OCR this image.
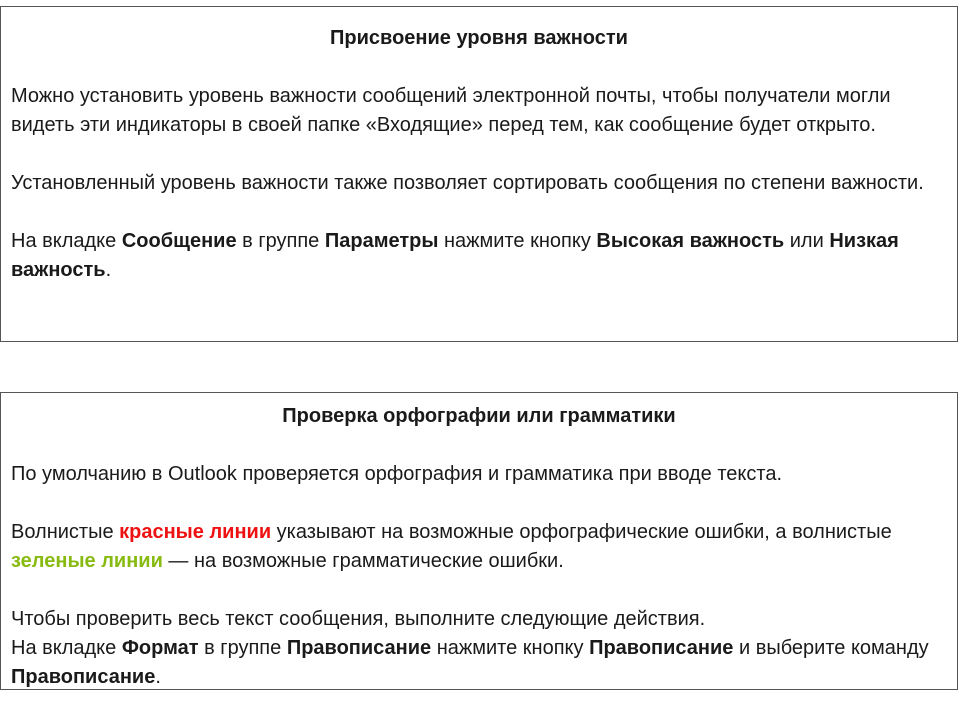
Присвоение уровня важности

Можно установить уровень важности сообщений электронной почты, чтобы получатели могли видеть эти индикаторы в своей папке «Входящие» перед тем, как сообщение будет открыто.

Установленный уровень важности также позволяет сортировать сообщения по степени важности.

На вкладке Сообщение в группе Параметры нажмите кнопку Высокая важность или Низкая важность.

Проверка орфографии или грамматики

По умолчанию в Outlook проверяется орфография и грамматика при вводе текста.

Волнистые красные линии указывают на возможные орфографические ошибки, а волнистые зеленые линии — на возможные грамматические ошибки.

Чтобы проверить весь текст сообщения, выполните следующие действия.

На вкладке Формат в группе Правописание нажмите кнопку Правописание и выберите команду Правописание.
